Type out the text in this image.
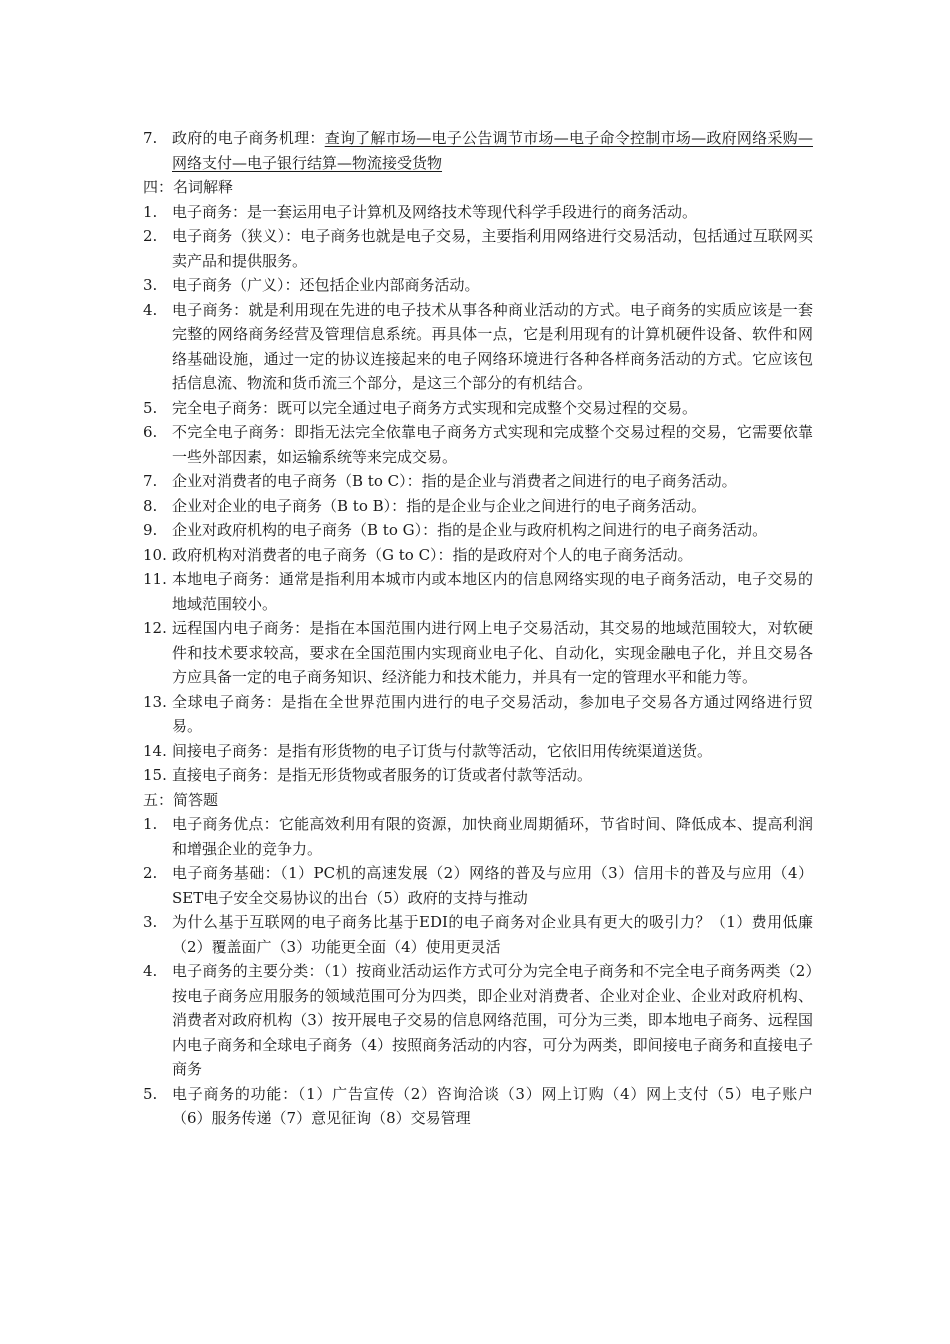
7. 政府的电子商务机理：查询了解市场—电子公告调节市场—电子命令控制市场—政府网络采购—网络支付—电子银行结算—物流接受货物
四：名词解释
1. 电子商务：是一套运用电子计算机及网络技术等现代科学手段进行的商务活动。
2. 电子商务（狭义）：电子商务也就是电子交易，主要指利用网络进行交易活动，包括通过互联网买卖产品和提供服务。
3. 电子商务（广义）：还包括企业内部商务活动。
4. 电子商务：就是利用现在先进的电子技术从事各种商业活动的方式。电子商务的实质应该是一套完整的网络商务经营及管理信息系统。再具体一点，它是利用现有的计算机硬件设备、软件和网络基础设施，通过一定的协议连接起来的电子网络环境进行各种各样商务活动的方式。它应该包括信息流、物流和货币流三个部分，是这三个部分的有机结合。
5. 完全电子商务：既可以完全通过电子商务方式实现和完成整个交易过程的交易。
6. 不完全电子商务：即指无法完全依靠电子商务方式实现和完成整个交易过程的交易，它需要依靠一些外部因素，如运输系统等来完成交易。
7. 企业对消费者的电子商务（B to C）：指的是企业与消费者之间进行的电子商务活动。
8. 企业对企业的电子商务（B to B）：指的是企业与企业之间进行的电子商务活动。
9. 企业对政府机构的电子商务（B to G）：指的是企业与政府机构之间进行的电子商务活动。
10. 政府机构对消费者的电子商务（G to C）：指的是政府对个人的电子商务活动。
11. 本地电子商务：通常是指利用本城市内或本地区内的信息网络实现的电子商务活动，电子交易的地域范围较小。
12. 远程国内电子商务：是指在本国范围内进行网上电子交易活动，其交易的地域范围较大，对软硬件和技术要求较高，要求在全国范围内实现商业电子化、自动化，实现金融电子化，并且交易各方应具备一定的电子商务知识、经济能力和技术能力，并具有一定的管理水平和能力等。
13. 全球电子商务：是指在全世界范围内进行的电子交易活动，参加电子交易各方通过网络进行贸易。
14. 间接电子商务：是指有形货物的电子订货与付款等活动，它依旧用传统渠道送货。
15. 直接电子商务：是指无形货物或者服务的订货或者付款等活动。
五：简答题
1. 电子商务优点：它能高效利用有限的资源，加快商业周期循环，节省时间、降低成本、提高利润和增强企业的竞争力。
2. 电子商务基础：（1）PC机的高速发展（2）网络的普及与应用（3）信用卡的普及与应用（4）SET电子安全交易协议的出台（5）政府的支持与推动
3. 为什么基于互联网的电子商务比基于EDI的电子商务对企业具有更大的吸引力？（1）费用低廉（2）覆盖面广（3）功能更全面（4）使用更灵活
4. 电子商务的主要分类：（1）按商业活动运作方式可分为完全电子商务和不完全电子商务两类（2）按电子商务应用服务的领域范围可分为四类，即企业对消费者、企业对企业、企业对政府机构、消费者对政府机构（3）按开展电子交易的信息网络范围，可分为三类，即本地电子商务、远程国内电子商务和全球电子商务（4）按照商务活动的内容，可分为两类，即间接电子商务和直接电子商务
5. 电子商务的功能：（1）广告宣传（2）咨询洽谈（3）网上订购（4）网上支付（5）电子账户（6）服务传递（7）意见征询（8）交易管理
